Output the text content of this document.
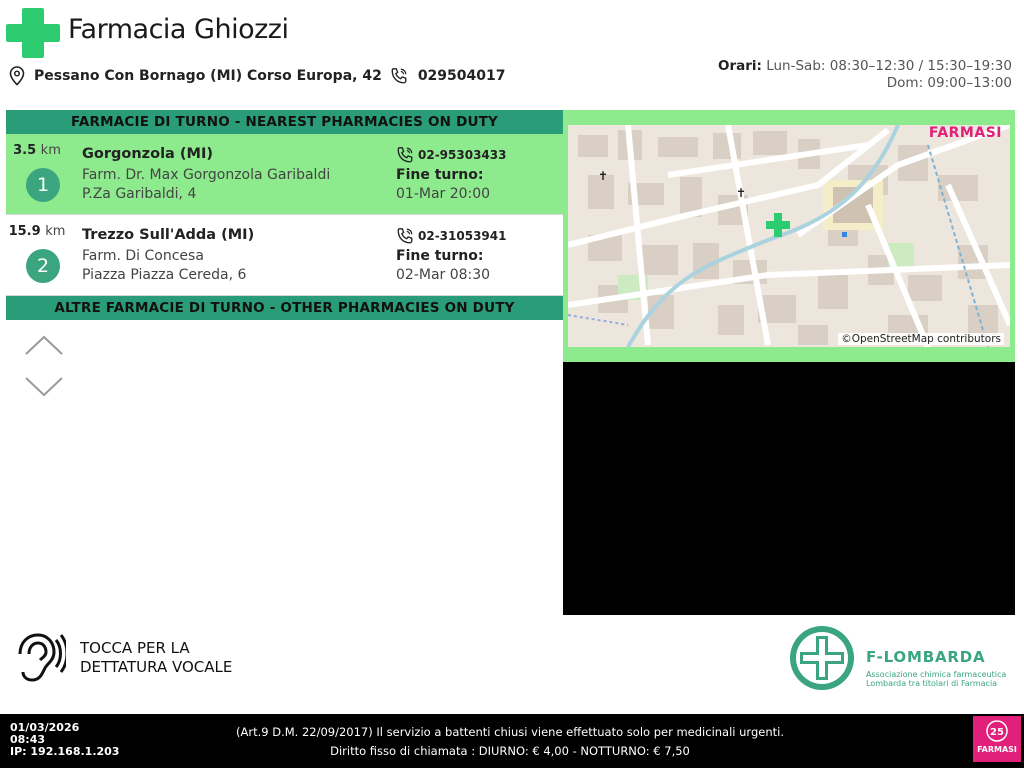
Farmacia Ghiozzi
Pessano Con Bornago (MI) Corso Europa, 42	029504017
Orari: Lun-Sab: 08:30–12:30 / 15:30–19:30
Dom: 09:00–13:00
FARMACIE DI TURNO - NEAREST PHARMACIES ON DUTY
3.5 km
1
Gorgonzola (MI)
Farm. Dr. Max Gorgonzola Garibaldi
P.Za Garibaldi, 4
02-95303433
Fine turno:
01-Mar 20:00
15.9 km
2
Trezzo Sull'Adda (MI)
Farm. Di Concesa
Piazza Piazza Cereda, 6
02-31053941
Fine turno:
02-Mar 08:30
ALTRE FARMACIE DI TURNO - OTHER PHARMACIES ON DUTY
✝
✝
FARMASI
©OpenStreetMap contributors
TOCCA PER LA
DETTATURA VOCALE
F-LOMBARDA
Associazione chimica farmaceutica
Lombarda tra titolari di Farmacia
01/03/2026
08:43
IP: 192.168.1.203
(Art.9 D.M. 22/09/2017) Il servizio a battenti chiusi viene effettuato solo per medicinali urgenti.
Diritto fisso di chiamata : DIURNO: € 4,00 - NOTTURNO: € 7,50
25
FARMASI
